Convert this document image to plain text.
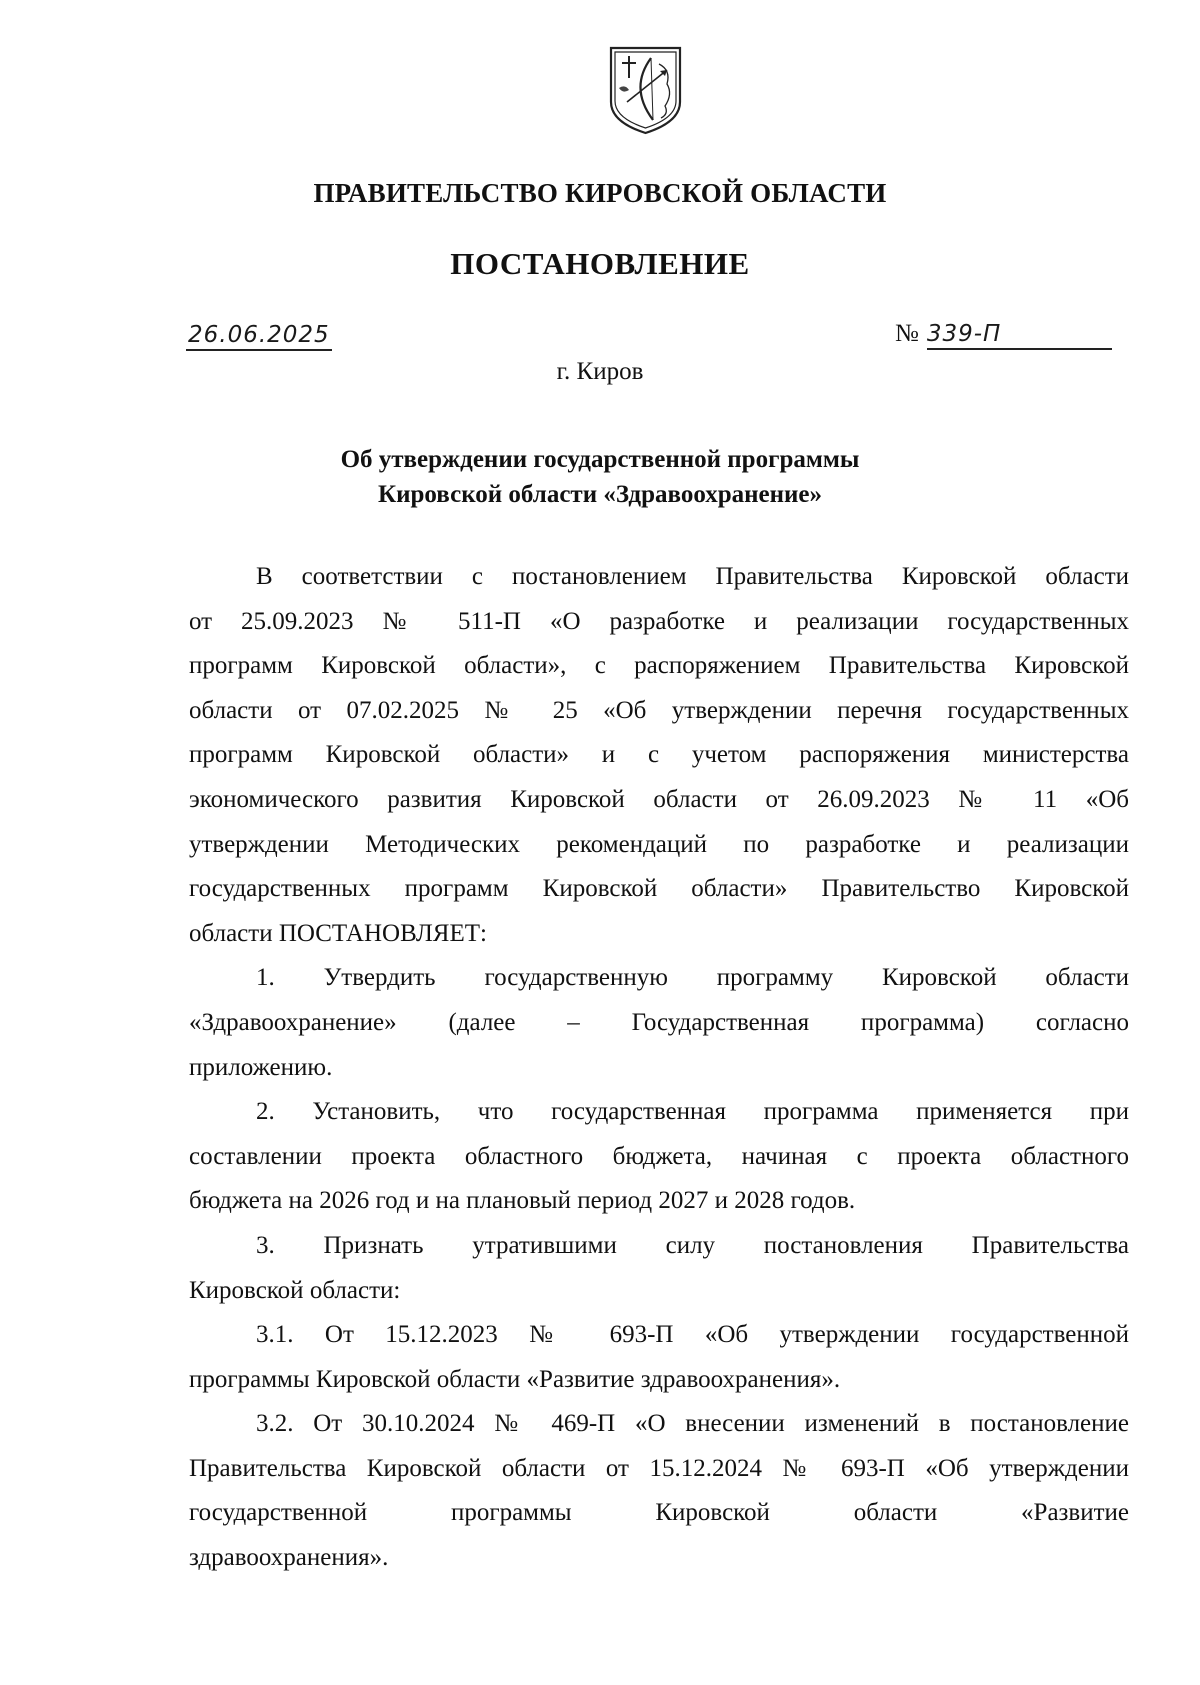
ПРАВИТЕЛЬСТВО КИРОВСКОЙ ОБЛАСТИ
ПОСТАНОВЛЕНИЕ
26.06.2025	№ 339-П
г. Киров
Об утверждении государственной программы
Кировской области «Здравоохранение»

В соответствии с постановлением Правительства Кировской области

от 25.09.2023 № 511-П «О разработке и реализации государственных

программ Кировской области», с распоряжением Правительства Кировской

области от 07.02.2025 № 25 «Об утверждении перечня государственных

программ Кировской области» и с учетом распоряжения министерства

экономического развития Кировской области от 26.09.2023 № 11 «Об

утверждении Методических рекомендаций по разработке и реализации

государственных программ Кировской области» Правительство Кировской

области ПОСТАНОВЛЯЕТ:

1. Утвердить государственную программу Кировской области

«Здравоохранение» (далее – Государственная программа) согласно

приложению.

2. Установить, что государственная программа применяется при

составлении проекта областного бюджета, начиная с проекта областного

бюджета на 2026 год и на плановый период 2027 и 2028 годов.

3. Признать утратившими силу постановления Правительства

Кировской области:

3.1. От 15.12.2023 № 693-П «Об утверждении государственной

программы Кировской области «Развитие здравоохранения».

3.2. От 30.10.2024 № 469-П «О внесении изменений в постановление

Правительства Кировской области от 15.12.2024 № 693-П «Об утверждении

государственной программы Кировской области «Развитие

здравоохранения».
